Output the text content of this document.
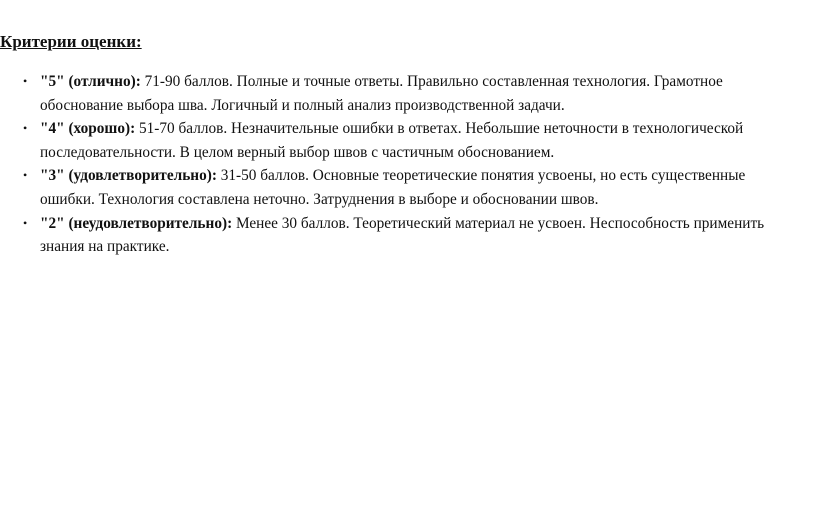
Критерии оценки:
• "5" (отлично): 71-90 баллов. Полные и точные ответы. Правильно составленная технология. Грамотное обоснование выбора шва. Логичный и полный анализ производственной задачи.
• "4" (хорошо): 51-70 баллов. Незначительные ошибки в ответах. Небольшие неточности в технологической последовательности. В целом верный выбор швов с частичным обоснованием.
• "3" (удовлетворительно): 31-50 баллов. Основные теоретические понятия усвоены, но есть существенные ошибки. Технология составлена неточно. Затруднения в выборе и обосновании швов.
• "2" (неудовлетворительно): Менее 30 баллов. Теоретический материал не усвоен. Неспособность применить знания на практике.
